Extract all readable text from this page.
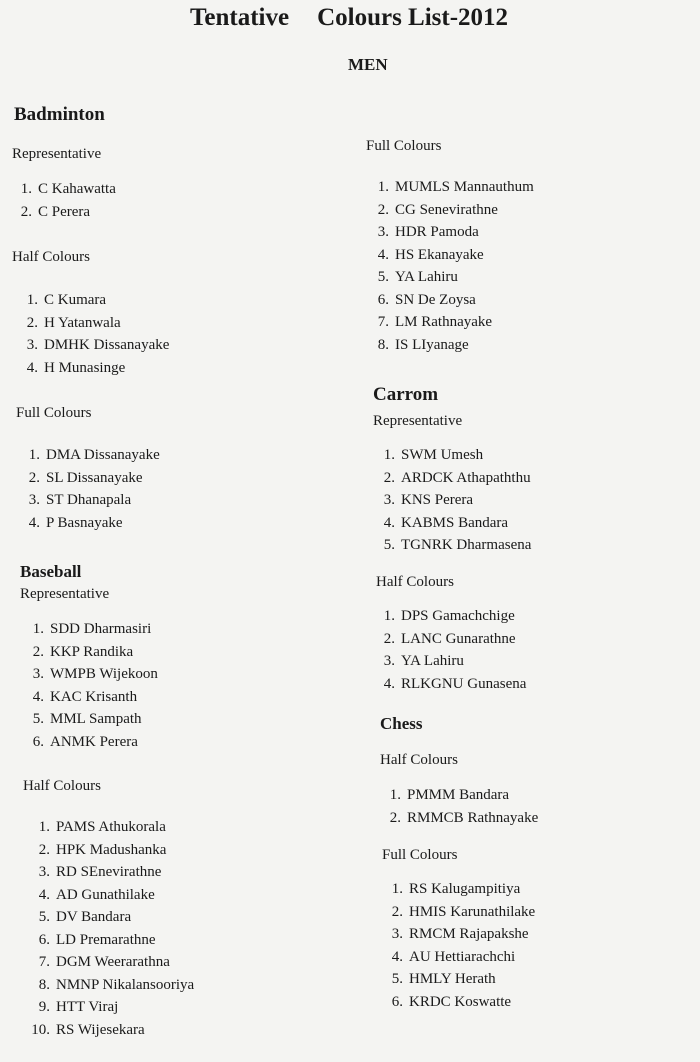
Tentative Colours List-2012
MEN
Badminton
Representative
1. C Kahawatta
2. C Perera
Half Colours
1. C Kumara
2. H Yatanwala
3. DMHK Dissanayake
4. H Munasinge
Full Colours
1. DMA Dissanayake
2. SL Dissanayake
3. ST Dhanapala
4. P Basnayake
Baseball
Representative
1. SDD Dharmasiri
2. KKP Randika
3. WMPB Wijekoon
4. KAC Krisanth
5. MML Sampath
6. ANMK Perera
Half Colours
1. PAMS Athukorala
2. HPK Madushanka
3. RD SEnevirathne
4. AD Gunathilake
5. DV Bandara
6. LD Premarathne
7. DGM Weerarathna
8. NMNP Nikalansooriya
9. HTT Viraj
10. RS Wijesekara
Full Colours
1. MUMLS Mannauthum
2. CG Senevirathne
3. HDR Pamoda
4. HS Ekanayake
5. YA Lahiru
6. SN De Zoysa
7. LM Rathnayake
8. IS LIyanage
Carrom
Representative
1. SWM Umesh
2. ARDCK Athapaththu
3. KNS Perera
4. KABMS Bandara
5. TGNRK Dharmasena
Half Colours
1. DPS Gamachchige
2. LANC Gunarathne
3. YA Lahiru
4. RLKGNU Gunasena
Chess
Half Colours
1. PMMM Bandara
2. RMMCB Rathnayake
Full Colours
1. RS Kalugampitiya
2. HMIS Karunathilake
3. RMCM Rajapakshe
4. AU Hettiarachchi
5. HMLY Herath
6. KRDC Koswatte
